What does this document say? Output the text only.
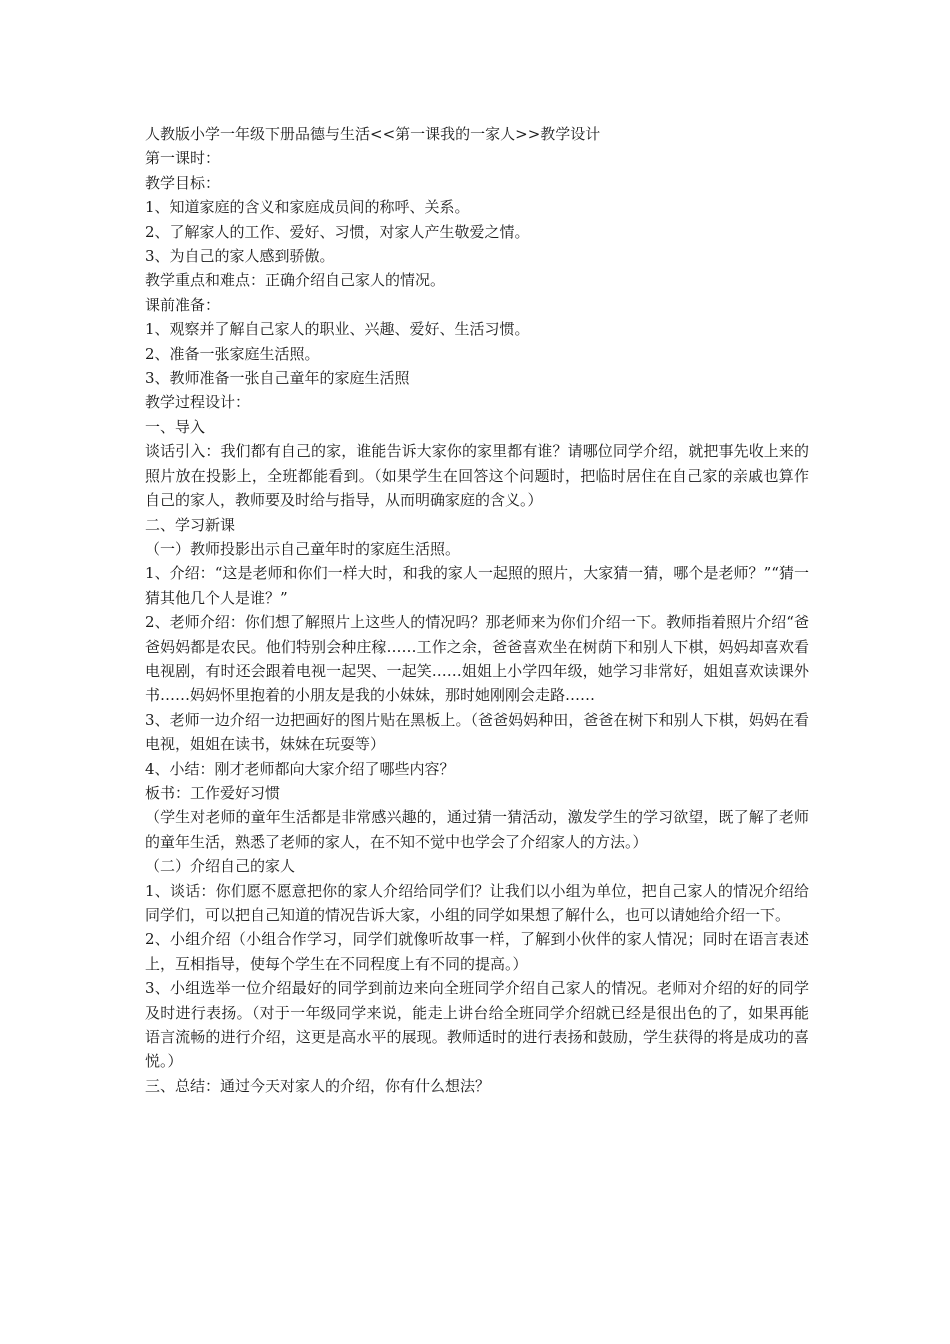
人教版小学一年级下册品德与生活<<第一课我的一家人>>教学设计

第一课时：

教学目标：

1、知道家庭的含义和家庭成员间的称呼、关系。

2、了解家人的工作、爱好、习惯，对家人产生敬爱之情。

3、为自己的家人感到骄傲。

教学重点和难点：正确介绍自己家人的情况。

课前准备：

1、观察并了解自己家人的职业、兴趣、爱好、生活习惯。

2、准备一张家庭生活照。

3、教师准备一张自己童年的家庭生活照

教学过程设计：

一、导入

谈话引入：我们都有自己的家，谁能告诉大家你的家里都有谁？请哪位同学介绍，就把事先收上来的照片放在投影上，全班都能看到。（如果学生在回答这个问题时，把临时居住在自己家的亲戚也算作自己的家人，教师要及时给与指导，从而明确家庭的含义。）

二、学习新课

（一）教师投影出示自己童年时的家庭生活照。

1、介绍：“这是老师和你们一样大时，和我的家人一起照的照片，大家猜一猜，哪个是老师？”“猜一猜其他几个人是谁？”

2、老师介绍：你们想了解照片上这些人的情况吗？那老师来为你们介绍一下。教师指着照片介绍“爸爸妈妈都是农民。他们特别会种庄稼……工作之余，爸爸喜欢坐在树荫下和别人下棋，妈妈却喜欢看电视剧，有时还会跟着电视一起哭、一起笑……姐姐上小学四年级，她学习非常好，姐姐喜欢读课外书……妈妈怀里抱着的小朋友是我的小妹妹，那时她刚刚会走路……

3、老师一边介绍一边把画好的图片贴在黑板上。（爸爸妈妈种田，爸爸在树下和别人下棋，妈妈在看电视，姐姐在读书，妹妹在玩耍等）

4、小结：刚才老师都向大家介绍了哪些内容？

板书：工作爱好习惯

（学生对老师的童年生活都是非常感兴趣的，通过猜一猜活动，激发学生的学习欲望，既了解了老师的童年生活，熟悉了老师的家人，在不知不觉中也学会了介绍家人的方法。）

（二）介绍自己的家人

1、谈话：你们愿不愿意把你的家人介绍给同学们？让我们以小组为单位，把自己家人的情况介绍给同学们，可以把自己知道的情况告诉大家，小组的同学如果想了解什么，也可以请她给介绍一下。

2、小组介绍（小组合作学习，同学们就像听故事一样，了解到小伙伴的家人情况；同时在语言表述上，互相指导，使每个学生在不同程度上有不同的提高。）

3、小组选举一位介绍最好的同学到前边来向全班同学介绍自己家人的情况。老师对介绍的好的同学及时进行表扬。（对于一年级同学来说，能走上讲台给全班同学介绍就已经是很出色的了，如果再能语言流畅的进行介绍，这更是高水平的展现。教师适时的进行表扬和鼓励，学生获得的将是成功的喜悦。）

三、总结：通过今天对家人的介绍，你有什么想法？
